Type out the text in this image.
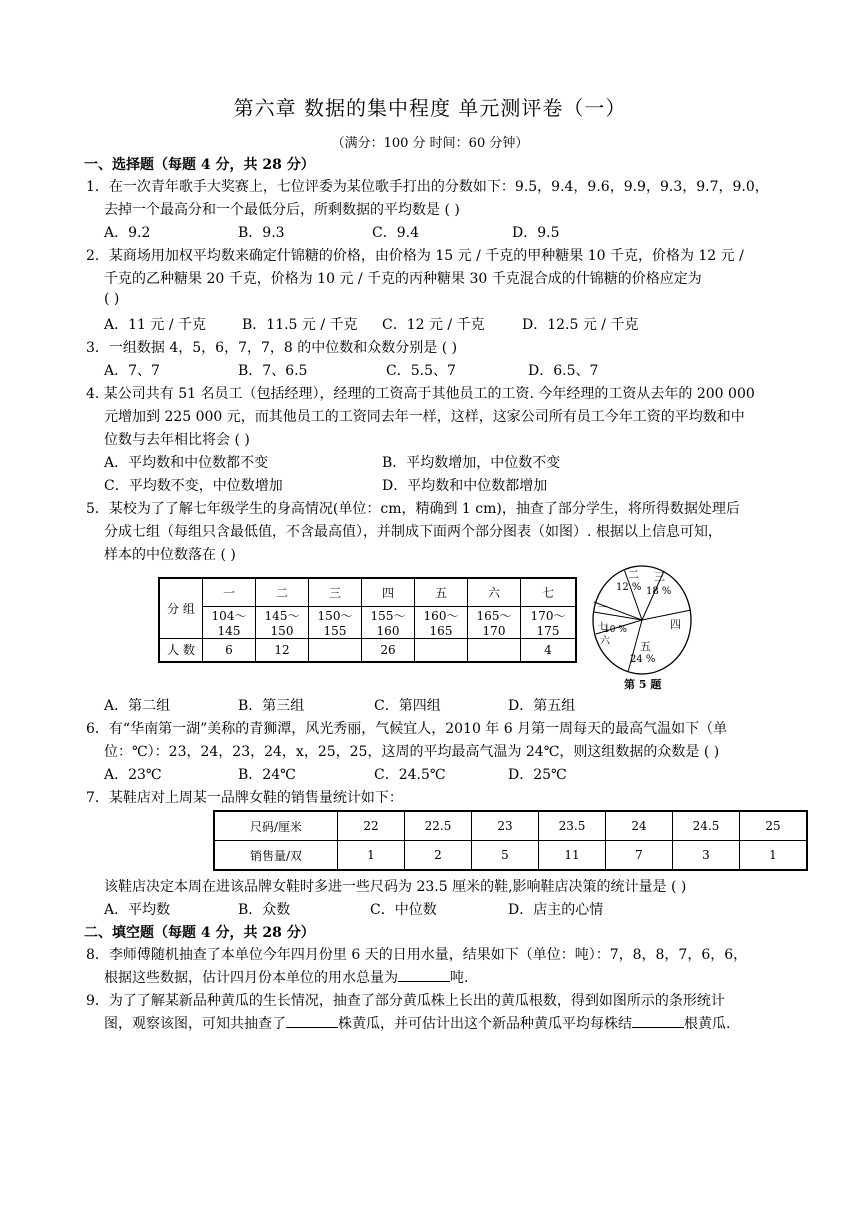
第六章 数据的集中程度 单元测评卷（一）
（满分：100 分 时间：60 分钟）
一、选择题（每题 4 分，共 28 分）
1．在一次青年歌手大奖赛上，七位评委为某位歌手打出的分数如下：9.5，9.4，9.6，9.9，9.3，9.7，9.0，
去掉一个最高分和一个最低分后，所剩数据的平均数是 ( )
A．9.2	B．9.3	C．9.4	D．9.5
2．某商场用加权平均数来确定什锦糖的价格，由价格为 15 元 / 千克的甲种糖果 10 千克，价格为 12 元 /
千克的乙种糖果 20 千克，价格为 10 元 / 千克的丙种糖果 30 千克混合成的什锦糖的价格应定为
( )
A．11 元 / 千克	B．11.5 元 / 千克 C．12 元 / 千克	D．12.5 元 / 千克
3．一组数据 4，5，6，7，7，8 的中位数和众数分别是 ( )
A．7、7	B．7、6.5	C．5.5、7	D．6.5、7
4. 某公司共有 51 名员工（包括经理），经理的工资高于其他员工的工资. 今年经理的工资从去年的 200 000
元增加到 225 000 元，而其他员工的工资同去年一样，这样，这家公司所有员工今年工资的平均数和中
位数与去年相比将会 ( )
A．平均数和中位数都不变	B．平均数增加，中位数不变
C．平均数不变，中位数增加	D．平均数和中位数都增加
5．某校为了了解七年级学生的身高情况(单位：cm，精确到 1 cm)，抽查了部分学生，将所得数据处理后
分成七组（每组只含最低值，不含最高值），并制成下面两个部分图表（如图）. 根据以上信息可知，
样本的中位数落在 ( )
分 组	一	二	三	四	五	六	七
	104～145	145～150	150～155	155～160	160～165	165～170	170～175
人 数	6	12		26			4
二
12 %
三
18 %
四
五
24 %
一
七
六
10 %
第 5 题
A．第二组	B．第三组	C．第四组	D．第五组
6．有“华南第一湖”美称的青狮潭，风光秀丽，气候宜人，2010 年 6 月第一周每天的最高气温如下（单
位：℃）：23，24，23，24，x，25，25，这周的平均最高气温为 24℃，则这组数据的众数是 ( )
A．23℃	B．24℃	C．24.5℃	D．25℃
7．某鞋店对上周某一品牌女鞋的销售量统计如下：
尺码/厘米	22	22.5	23	23.5	24	24.5	25
销售量/双	1	2	5	11	7	3	1
该鞋店决定本周在进该品牌女鞋时多进一些尺码为 23.5 厘米的鞋,影响鞋店决策的统计量是 ( )
A．平均数	B．众数	C．中位数	D．店主的心情
二、填空题（每题 4 分，共 28 分）
8．李师傅随机抽查了本单位今年四月份里 6 天的日用水量，结果如下（单位：吨）：7，8，8，7，6，6，
根据这些数据，估计四月份本单位的用水总量为	吨.
9．为了了解某新品种黄瓜的生长情况，抽查了部分黄瓜株上长出的黄瓜根数，得到如图所示的条形统计
图，观察该图，可知共抽查了	株黄瓜，并可估计出这个新品种黄瓜平均每株结	根黄瓜.
